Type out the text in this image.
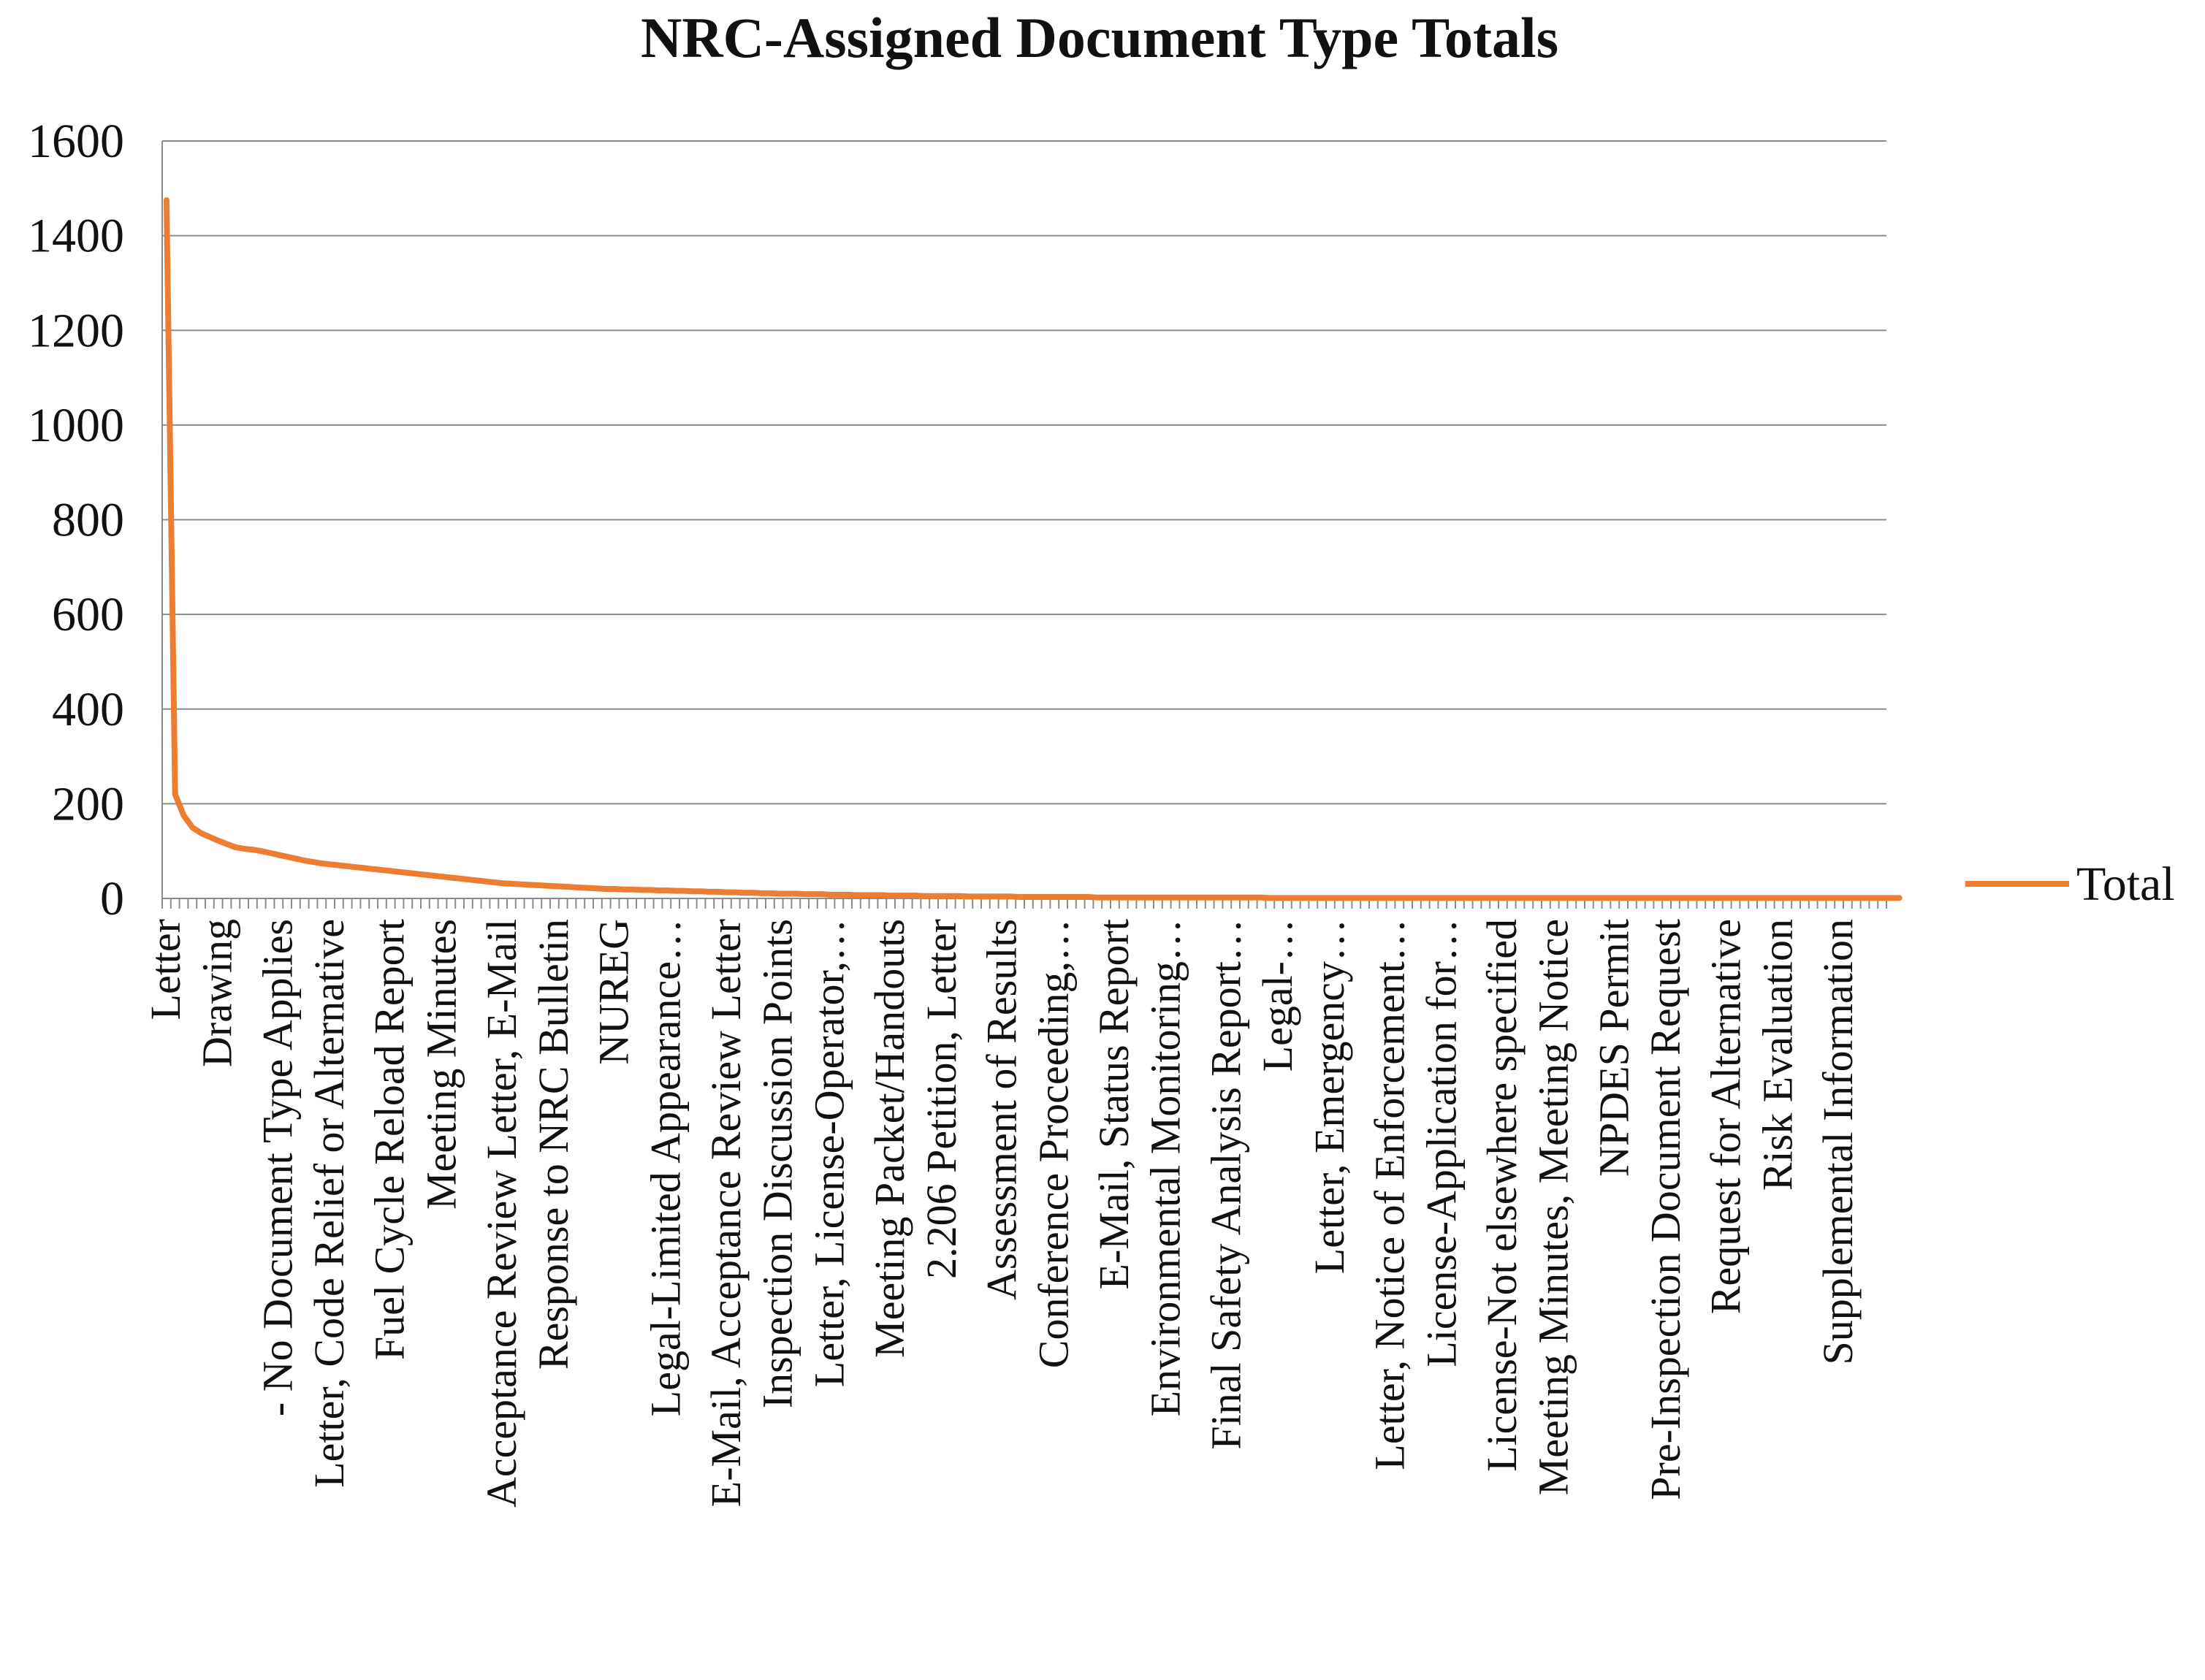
0
200
400
600
800
1000
1200
1400
1600
Letter Drawing - No Document Type Applies Letter, Code Relief or Alternative Fuel Cycle Reload Report Meeting Minutes Acceptance Review Letter, E-Mail Response to NRC Bulletin NUREG Legal-Limited Appearance… E-Mail, Acceptance Review Letter Inspection Discussion Points Letter, License-Operator,… Meeting Packet/Handouts 2.206 Petition, Letter Assessment of Results Conference Proceeding,… E-Mail, Status Report Environmental Monitoring… Final Safety Analysis Report… Legal-… Letter, Emergency… Letter, Notice of Enforcement… License-Application for… License-Not elsewhere specified Meeting Minutes, Meeting Notice NPDES Permit Pre-Inspection Document Request Request for Alternative Risk Evaluation Supplemental Information
Total
NRC-Assigned Document Type Totals
